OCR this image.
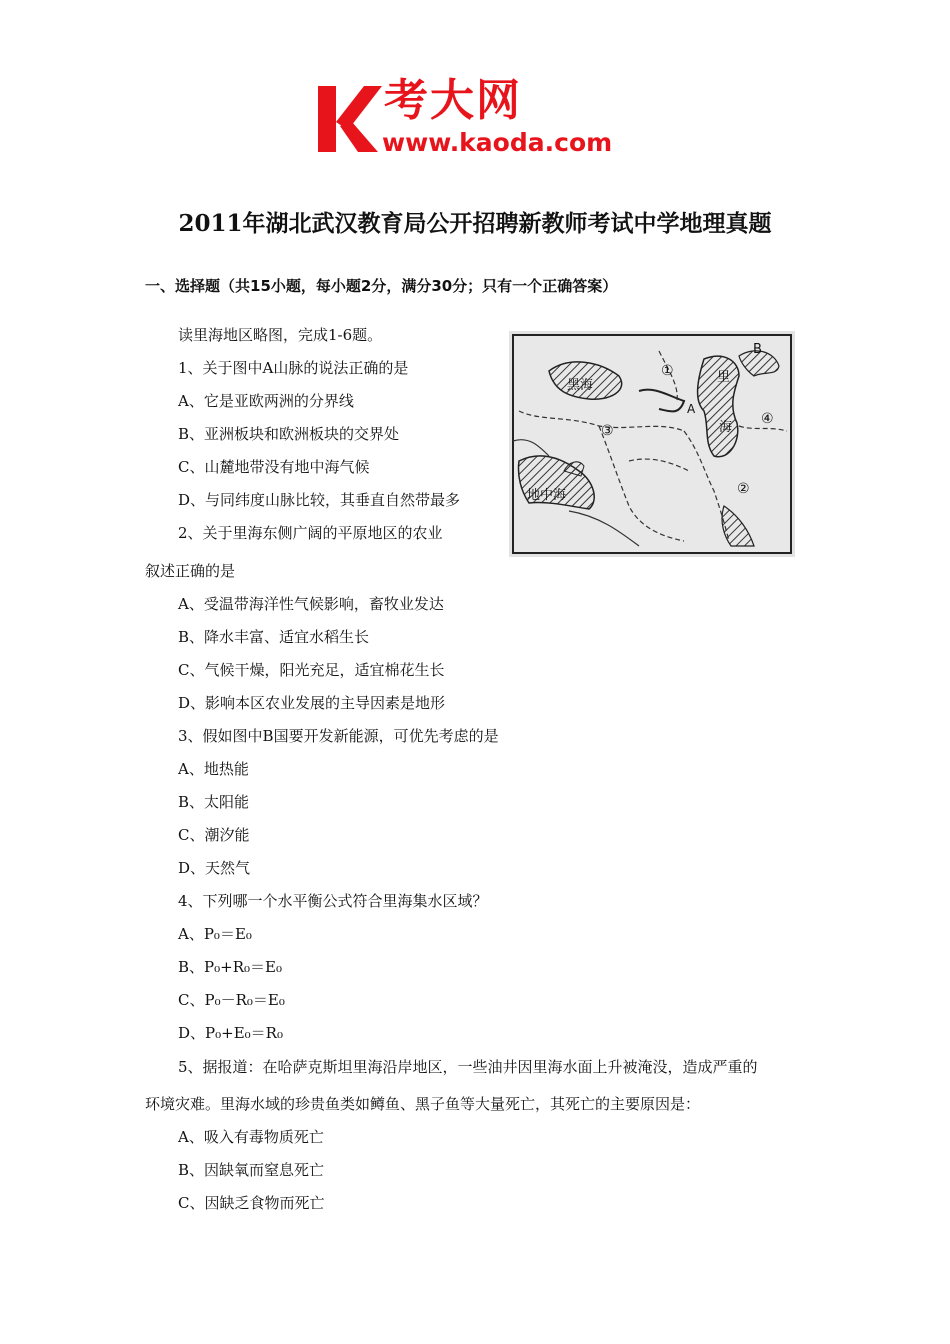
考大网
www.kaoda.com
2011年湖北武汉教育局公开招聘新教师考试中学地理真题
一、选择题（共15小题，每小题2分，满分30分；只有一个正确答案）
黑海
里
海
地中海
B
A
①
②
③
④
读里海地区略图，完成1-6题。
1、关于图中A山脉的说法正确的是
A、它是亚欧两洲的分界线
B、亚洲板块和欧洲板块的交界处
C、山麓地带没有地中海气候
D、与同纬度山脉比较，其垂直自然带最多
2、关于里海东侧广阔的平原地区的农业
叙述正确的是
A、受温带海洋性气候影响，畜牧业发达
B、降水丰富、适宜水稻生长
C、气候干燥，阳光充足，适宜棉花生长
D、影响本区农业发展的主导因素是地形
3、假如图中B国要开发新能源，可优先考虑的是
A、地热能
B、太阳能
C、潮汐能
D、天然气
4、下列哪一个水平衡公式符合里海集水区域？
A、P₀＝E₀
B、P₀+R₀＝E₀
C、P₀－R₀＝E₀
D、P₀+E₀＝R₀
5、据报道：在哈萨克斯坦里海沿岸地区，一些油井因里海水面上升被淹没，造成严重的
环境灾难。里海水域的珍贵鱼类如鳟鱼、黑子鱼等大量死亡，其死亡的主要原因是：
A、吸入有毒物质死亡
B、因缺氧而窒息死亡
C、因缺乏食物而死亡
